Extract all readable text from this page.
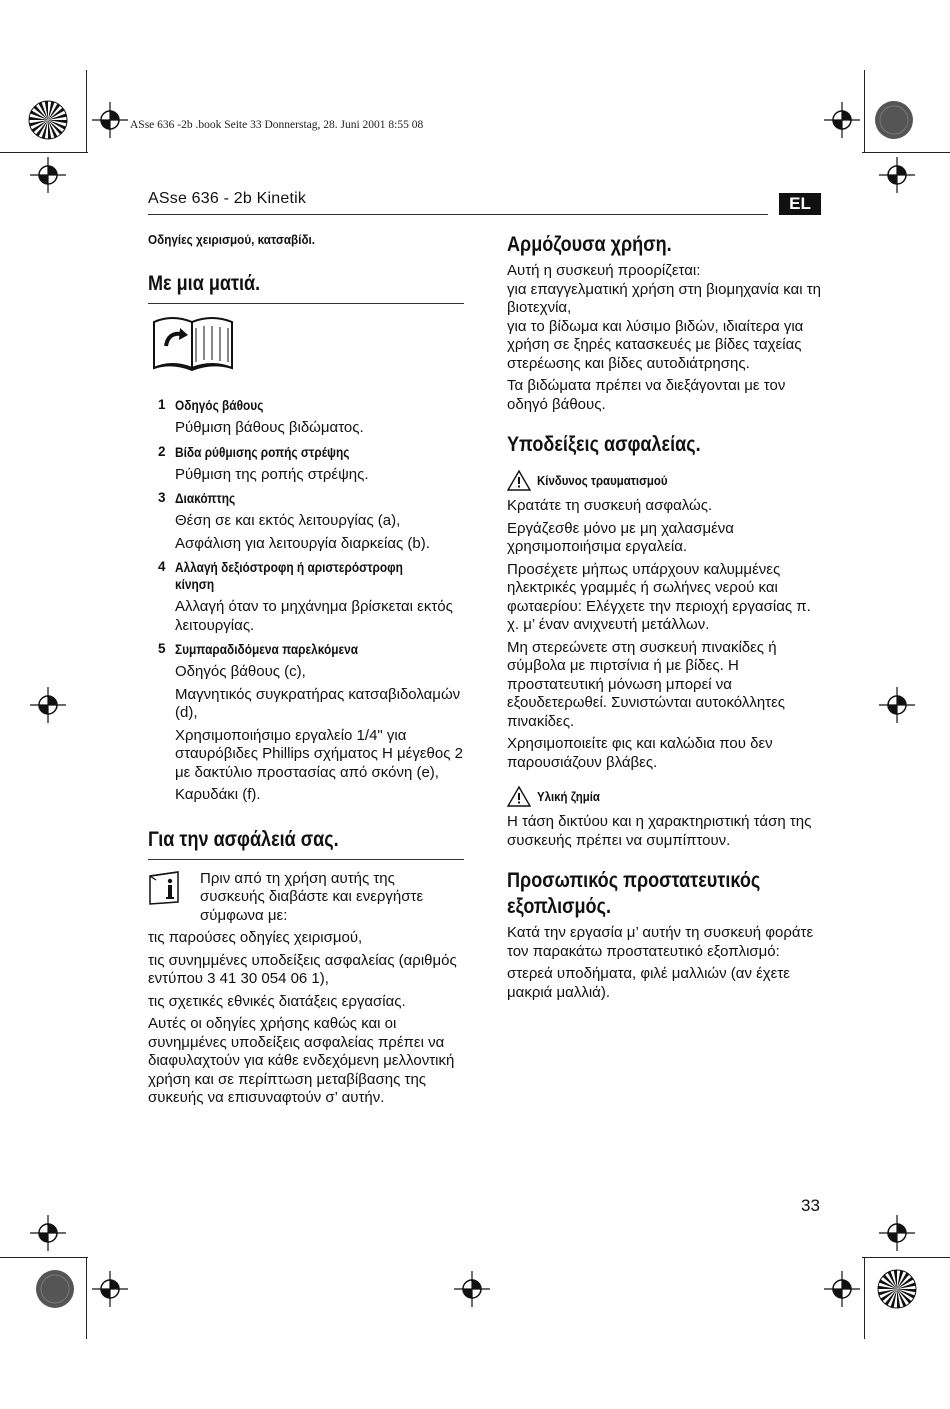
ASse 636 -2b .book Seite 33 Donnerstag, 28. Juni 2001 8:55 08
ASse 636 - 2b Kinetik	EL
Οδηγίες χειρισμού, κατσαβίδι.
Με μια ματιά.
1 Οδηγός βάθους
Ρύθμιση βάθους βιδώματος.
2 Βίδα ρύθμισης ροπής στρέψης
Ρύθμιση της ροπής στρέψης.
3 Διακόπτης
Θέση σε και εκτός λειτουργίας (a),
Ασφάλιση για λειτουργία διαρκείας (b).
4 Αλλαγή δεξιόστροφη ή αριστερόστροφη κίνηση
Αλλαγή όταν το μηχάνημα βρίσκεται εκτός λειτουργίας.
5 Συμπαραδιδόμενα παρελκόμενα
Οδηγός βάθους (c),
Μαγνητικός συγκρατήρας κατσαβιδολαμών (d),
Χρησιμοποιήσιμο εργαλείο 1/4" για σταυρόβιδες Phillips σχήματος H μέγεθος 2 με δακτύλιο προστασίας από σκόνη (e),
Καρυδάκι (f).
Για την ασφάλειά σας.

Πριν από τη χρήση αυτής της συσκευής διαβάστε και ενεργήστε σύμφωνα με:

τις παρούσες οδηγίες χειρισμού,

τις συνημμένες υποδείξεις ασφαλείας (αριθμός εντύπου 3 41 30 054 06 1),

τις σχετικές εθνικές διατάξεις εργασίας.

Αυτές οι οδηγίες χρήσης καθώς και οι συνημμένες υποδείξεις ασφαλείας πρέπει να διαφυλαχτούν για κάθε ενδεχόμενη μελλοντική χρήση και σε περίπτωση μεταβίβασης της συκευής να επισυναφτούν σ’ αυτήν.

Αρμόζουσα χρήση.

Αυτή η συσκευή προορίζεται:
για επαγγελματική χρήση στη βιομηχανία και τη βιοτεχνία,
για το βίδωμα και λύσιμο βιδών, ιδιαίτερα για χρήση σε ξηρές κατασκευές με βίδες ταχείας στερέωσης και βίδες αυτοδιάτρησης.

Τα βιδώματα πρέπει να διεξάγονται με τον οδηγό βάθους.

Υποδείξεις ασφαλείας.
Κίνδυνος τραυματισμού

Κρατάτε τη συσκευή ασφαλώς.

Εργάζεσθε μόνο με μη χαλασμένα χρησιμοποιήσιμα εργαλεία.

Προσέχετε μήπως υπάρχουν καλυμμένες ηλεκτρικές γραμμές ή σωλήνες νερού και φωταερίου: Ελέγχετε την περιοχή εργασίας π. χ. μ’ έναν ανιχνευτή μετάλλων.

Μη στερεώνετε στη συσκευή πινακίδες ή σύμβολα με πιρτσίνια ή με βίδες. Η προστατευτική μόνωση μπορεί να εξουδετερωθεί. Συνιστώνται αυτοκόλλητες πινακίδες.

Χρησιμοποιείτε φις και καλώδια που δεν παρουσιάζουν βλάβες.

Υλική ζημία

Η τάση δικτύου και η χαρακτηριστική τάση της συσκευής πρέπει να συμπίπτουν.

Προσωπικός προστατευτικός
εξοπλισμός.

Κατά την εργασία μ’ αυτήν τη συσκευή φοράτε τον παρακάτω προστατευτικό εξοπλισμό:

στερεά υποδήματα, φιλέ μαλλιών (αν έχετε μακριά μαλλιά).

33
